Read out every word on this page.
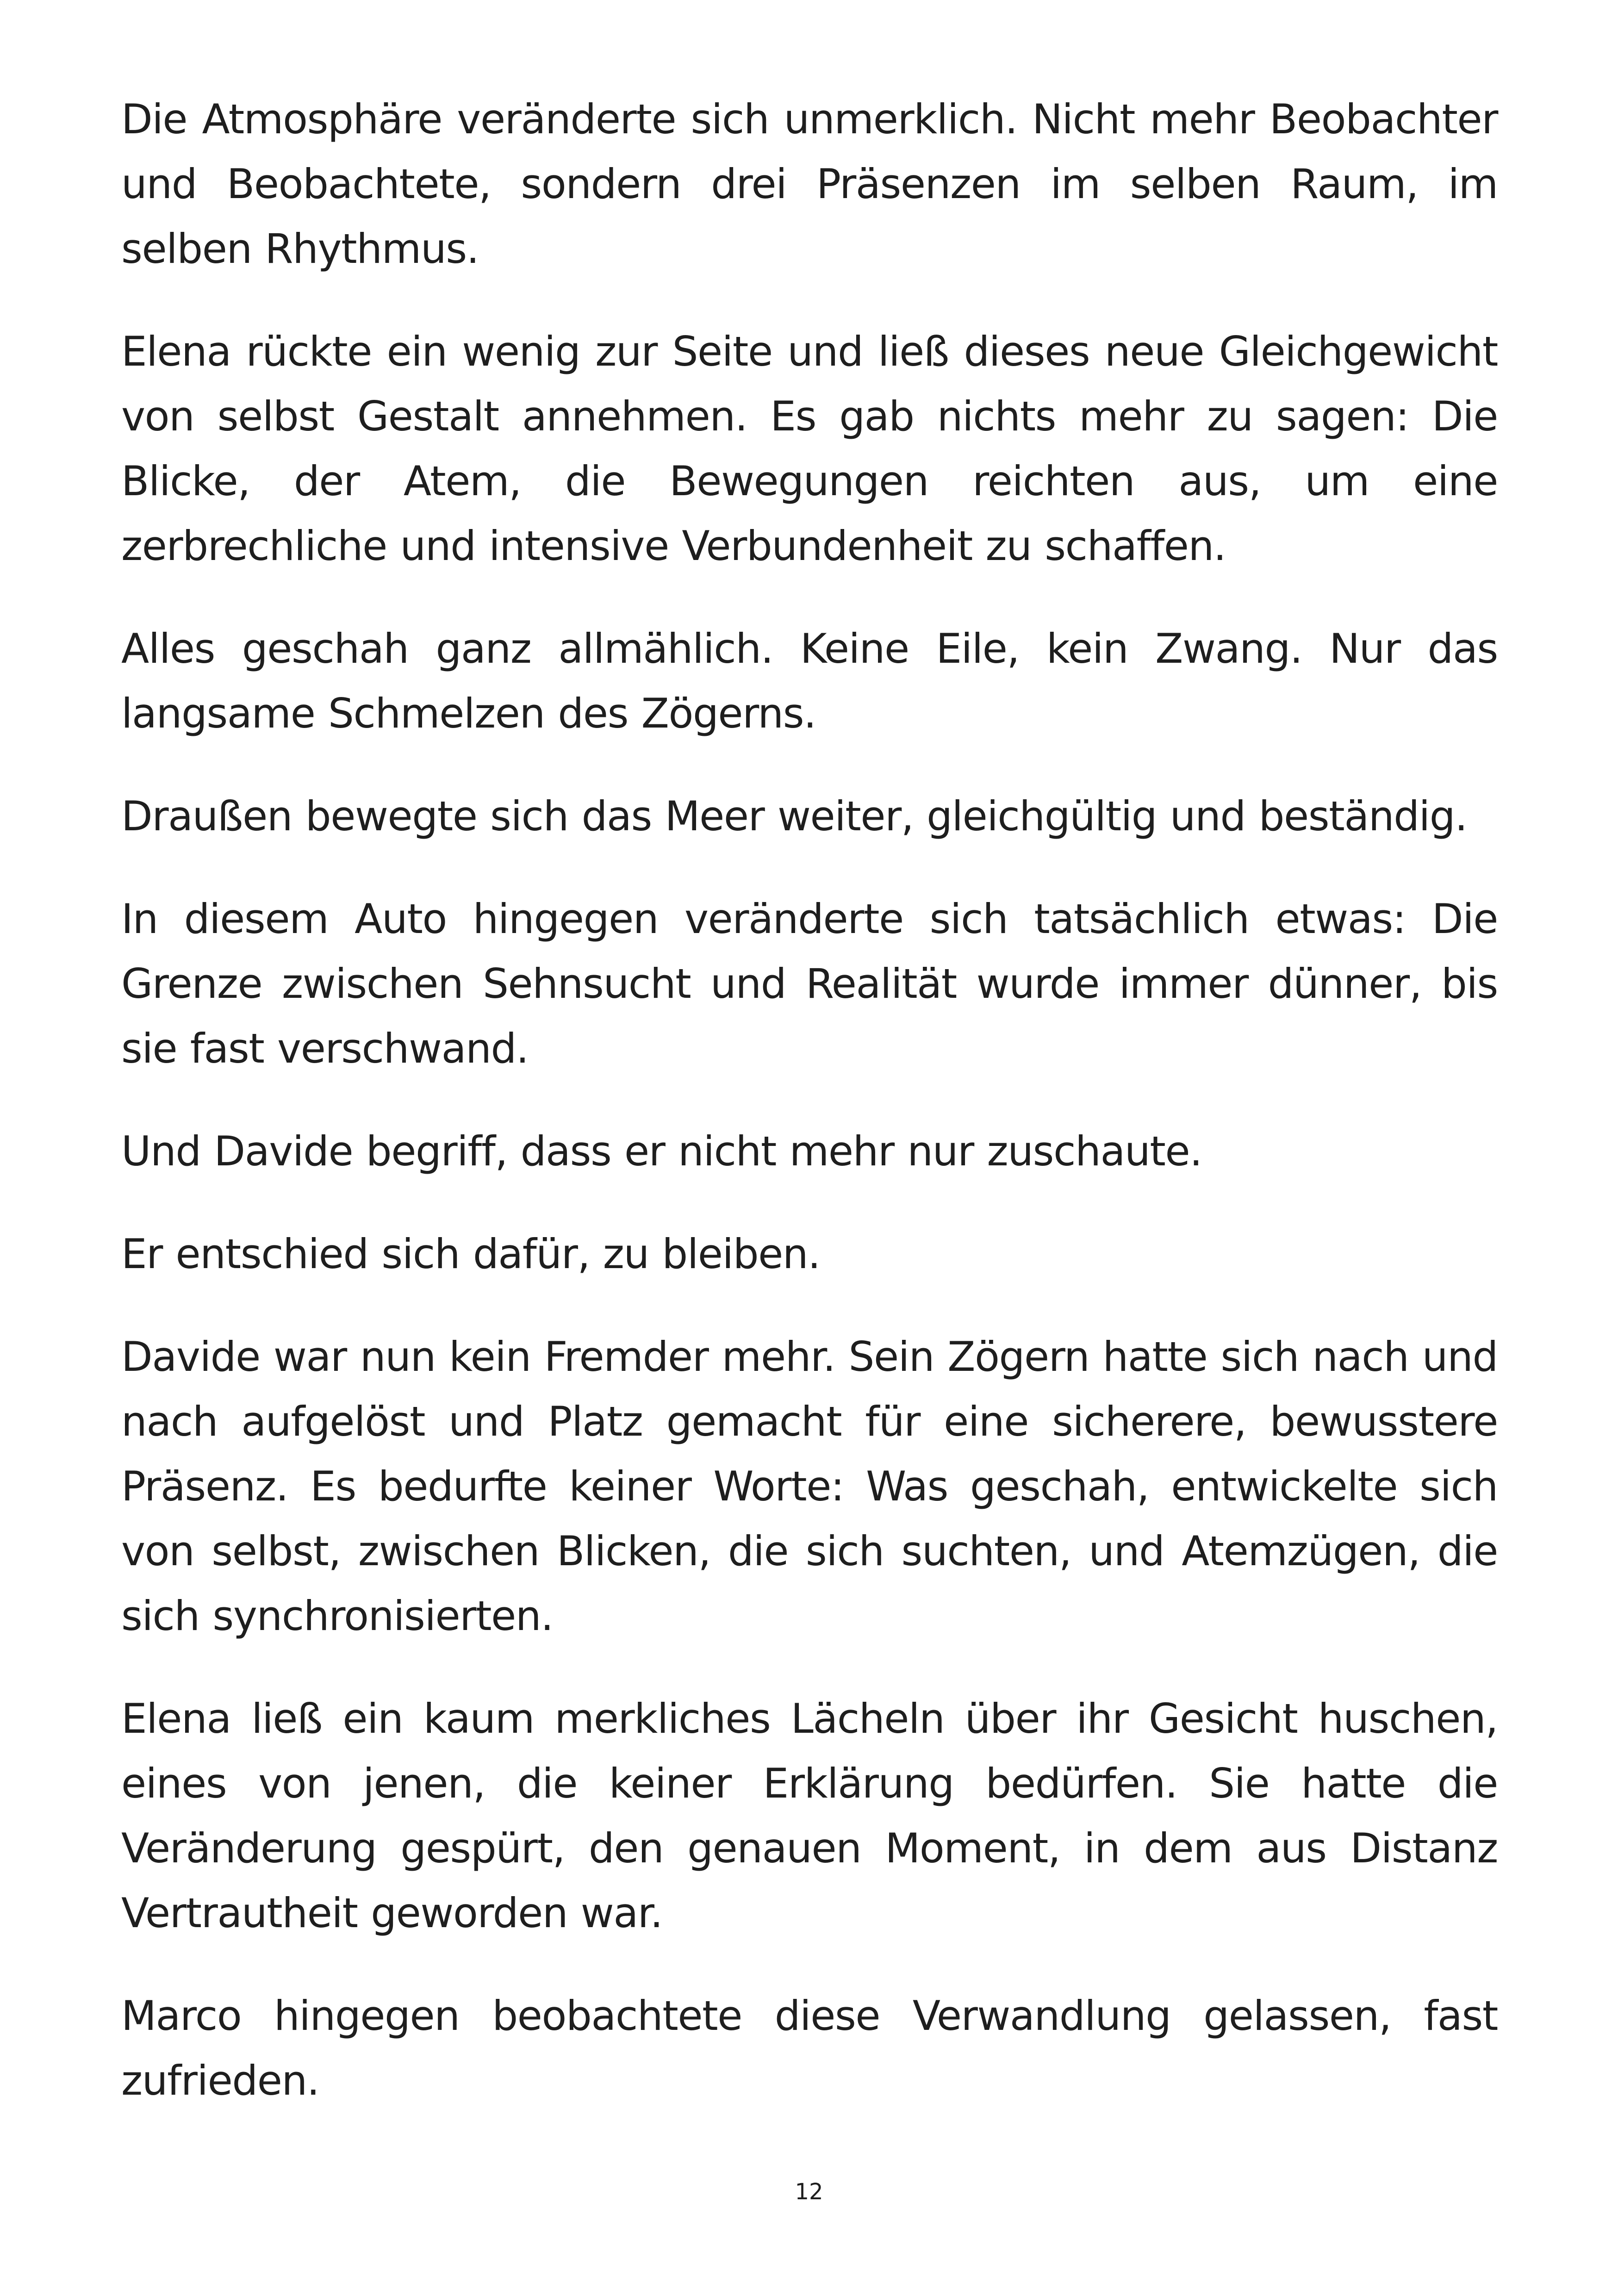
Die Atmosphäre veränderte sich unmerklich. Nicht mehr Beobachter und Beobachtete, sondern drei Präsenzen im selben Raum, im selben Rhythmus.

Elena rückte ein wenig zur Seite und ließ dieses neue Gleichgewicht von selbst Gestalt annehmen. Es gab nichts mehr zu sagen: Die Blicke, der Atem, die Bewegungen reichten aus, um eine zerbrechliche und intensive Verbundenheit zu schaffen.

Alles geschah ganz allmählich. Keine Eile, kein Zwang. Nur das langsame Schmelzen des Zögerns.

Draußen bewegte sich das Meer weiter, gleichgültig und beständig.

In diesem Auto hingegen veränderte sich tatsächlich etwas: Die Grenze zwischen Sehnsucht und Realität wurde immer dünner, bis sie fast verschwand.

Und Davide begriff, dass er nicht mehr nur zuschaute.

Er entschied sich dafür, zu bleiben.

Davide war nun kein Fremder mehr. Sein Zögern hatte sich nach und nach aufgelöst und Platz gemacht für eine sicherere, bewusstere Präsenz. Es bedurfte keiner Worte: Was geschah, entwickelte sich von selbst, zwischen Blicken, die sich suchten, und Atemzügen, die sich synchronisierten.

Elena ließ ein kaum merkliches Lächeln über ihr Gesicht huschen, eines von jenen, die keiner Erklärung bedürfen. Sie hatte die Veränderung gespürt, den genauen Moment, in dem aus Distanz Vertrautheit geworden war.

Marco hingegen beobachtete diese Verwandlung gelassen, fast zufrieden.

12
